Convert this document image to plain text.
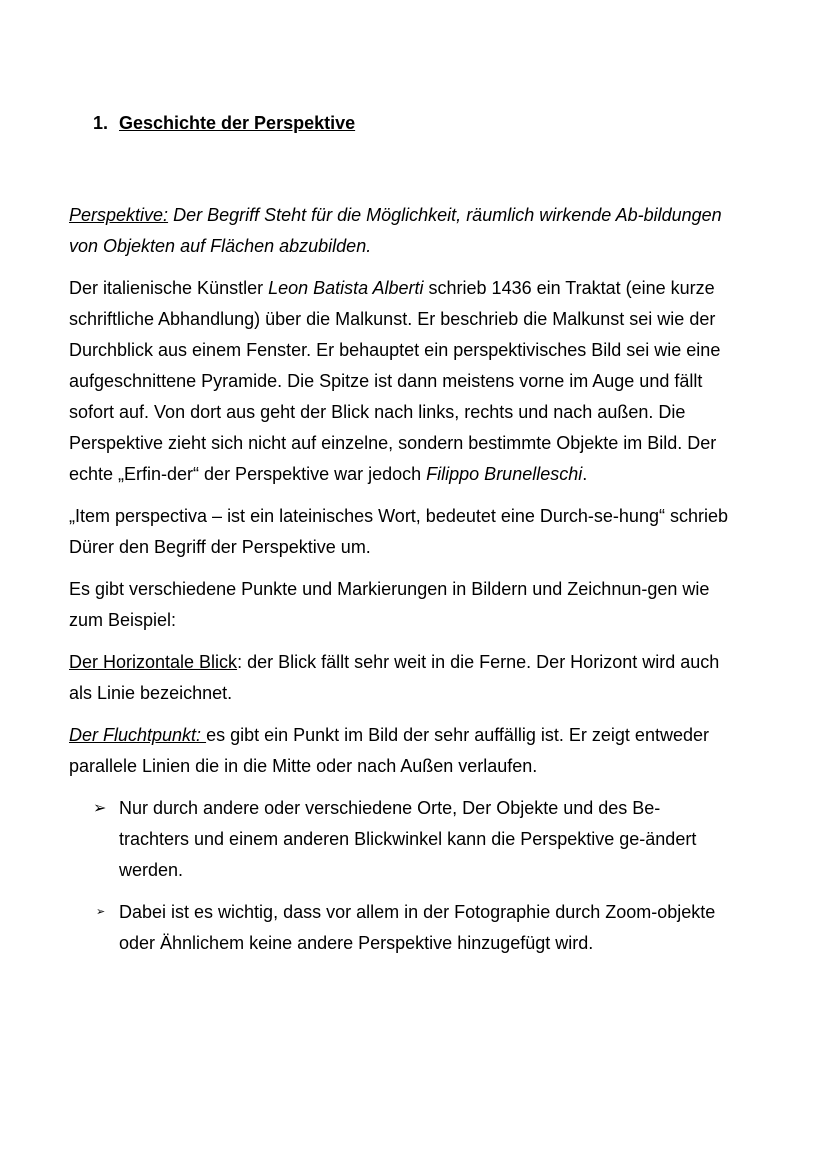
1. Geschichte der Perspektive

Perspektive: Der Begriff Steht für die Möglichkeit, räumlich wirkende Ab-bildungen von Objekten auf Flächen abzubilden.

Der italienische Künstler Leon Batista Alberti schrieb 1436 ein Traktat (eine kurze schriftliche Abhandlung) über die Malkunst. Er beschrieb die Malkunst sei wie der Durchblick aus einem Fenster. Er behauptet ein perspektivisches Bild sei wie eine aufgeschnittene Pyramide. Die Spitze ist dann meistens vorne im Auge und fällt sofort auf. Von dort aus geht der Blick nach links, rechts und nach außen. Die Perspektive zieht sich nicht auf einzelne, sondern bestimmte Objekte im Bild. Der echte „Erfin-der“ der Perspektive war jedoch Filippo Brunelleschi.

„Item perspectiva – ist ein lateinisches Wort, bedeutet eine Durch-se-hung“ schrieb Dürer den Begriff der Perspektive um.

Es gibt verschiedene Punkte und Markierungen in Bildern und Zeichnun-gen wie zum Beispiel:

Der Horizontale Blick: der Blick fällt sehr weit in die Ferne. Der Horizont wird auch als Linie bezeichnet.

Der Fluchtpunkt: es gibt ein Punkt im Bild der sehr auffällig ist. Er zeigt entweder parallele Linien die in die Mitte oder nach Außen verlaufen.

➢ Nur durch andere oder verschiedene Orte, Der Objekte und des Be-trachters und einem anderen Blickwinkel kann die Perspektive ge-ändert werden.
➢ Dabei ist es wichtig, dass vor allem in der Fotographie durch Zoom-objekte oder Ähnlichem keine andere Perspektive hinzugefügt wird.
